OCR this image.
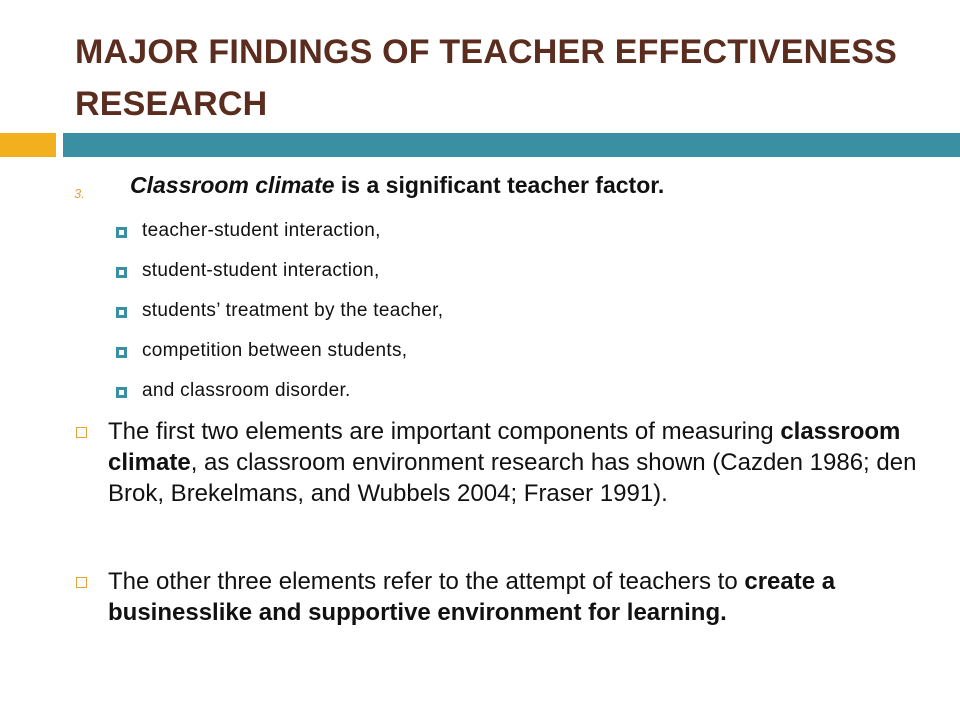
MAJOR FINDINGS OF TEACHER EFFECTIVENESS RESEARCH
3. Classroom climate is a significant teacher factor.
teacher-student interaction,
student-student interaction,
students’ treatment by the teacher,
competition between students,
and classroom disorder.
The first two elements are important components of measuring classroom climate, as classroom environment research has shown (Cazden 1986; den Brok, Brekelmans, and Wubbels 2004; Fraser 1991).
The other three elements refer to the attempt of teachers to create a businesslike and supportive environment for learning.
